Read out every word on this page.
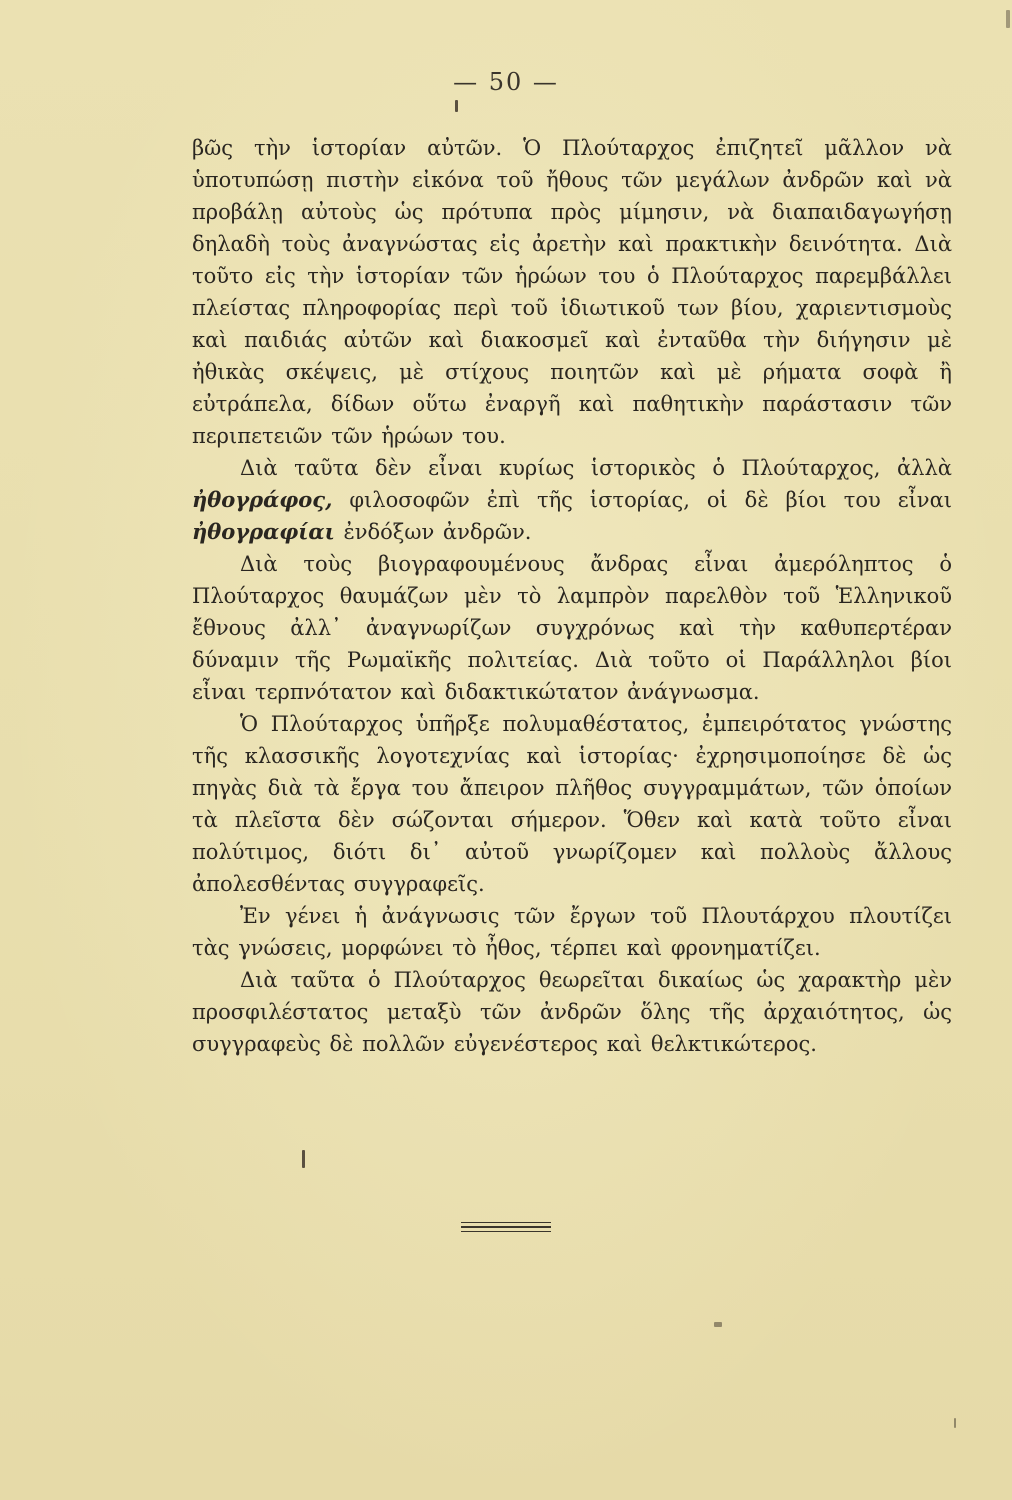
— 50 —

βῶς τὴν ἱστορίαν αὐτῶν. Ὁ Πλούταρχος ἐπιζητεῖ μᾶλλον νὰ ὑποτυπώσῃ πιστὴν εἰκόνα τοῦ ἤθους τῶν μεγάλων ἀνδρῶν καὶ νὰ προβάλῃ αὐτοὺς ὡς πρότυπα πρὸς μίμησιν, νὰ διαπαιδαγωγήσῃ δηλαδὴ τοὺς ἀναγνώστας εἰς ἀρετὴν καὶ πρακτικὴν δεινότητα. Διὰ τοῦτο εἰς τὴν ἱστορίαν τῶν ἡρώων του ὁ Πλούταρχος παρεμβάλλει πλείστας πληροφορίας περὶ τοῦ ἰδιωτικοῦ των βίου, χαριεντισμοὺς καὶ παιδιάς αὐτῶν καὶ διακοσμεῖ καὶ ἐνταῦθα τὴν διήγησιν μὲ ἠθικὰς σκέψεις, μὲ στίχους ποιητῶν καὶ μὲ ρήματα σοφὰ ἢ εὐτράπελα, δίδων οὕτω ἐναργῆ καὶ παθητικὴν παράστασιν τῶν περιπετειῶν τῶν ἡρώων του.

Διὰ ταῦτα δὲν εἶναι κυρίως ἱστορικὸς ὁ Πλούταρχος, ἀλλὰ ἠθογράφος, φιλοσοφῶν ἐπὶ τῆς ἱστορίας, οἱ δὲ βίοι του εἶναι ἠθογραφίαι ἐνδόξων ἀνδρῶν.

Διὰ τοὺς βιογραφουμένους ἄνδρας εἶναι ἀμερόληπτος ὁ Πλούταρχος θαυμάζων μὲν τὸ λαμπρὸν παρελθὸν τοῦ Ἑλληνικοῦ ἔθνους ἀλλ᾽ ἀναγνωρίζων συγχρόνως καὶ τὴν καθυπερτέραν δύναμιν τῆς Ρωμαϊκῆς πολιτείας. Διὰ τοῦτο οἱ Παράλληλοι βίοι εἶναι τερπνότατον καὶ διδακτικώτατον ἀνάγνωσμα.

Ὁ Πλούταρχος ὑπῆρξε πολυμαθέστατος, ἐμπειρότατος γνώστης τῆς κλασσικῆς λογοτεχνίας καὶ ἱστορίας· ἐχρησιμοποίησε δὲ ὡς πηγὰς διὰ τὰ ἔργα του ἄπειρον πλῆθος συγγραμμάτων, τῶν ὁποίων τὰ πλεῖστα δὲν σώζονται σήμερον. Ὅθεν καὶ κατὰ τοῦτο εἶναι πολύτιμος, διότι δι᾽ αὐτοῦ γνωρίζομεν καὶ πολλοὺς ἄλλους ἀπολεσθέντας συγγραφεῖς.

Ἐν γένει ἡ ἀνάγνωσις τῶν ἔργων τοῦ Πλουτάρχου πλουτίζει τὰς γνώσεις, μορφώνει τὸ ἦθος, τέρπει καὶ φρονηματίζει.

Διὰ ταῦτα ὁ Πλούταρχος θεωρεῖται δικαίως ὡς χαρακτὴρ μὲν προσφιλέστατος μεταξὺ τῶν ἀνδρῶν ὅλης τῆς ἀρχαιότητος, ὡς συγγραφεὺς δὲ πολλῶν εὐγενέστερος καὶ θελκτικώτερος.
